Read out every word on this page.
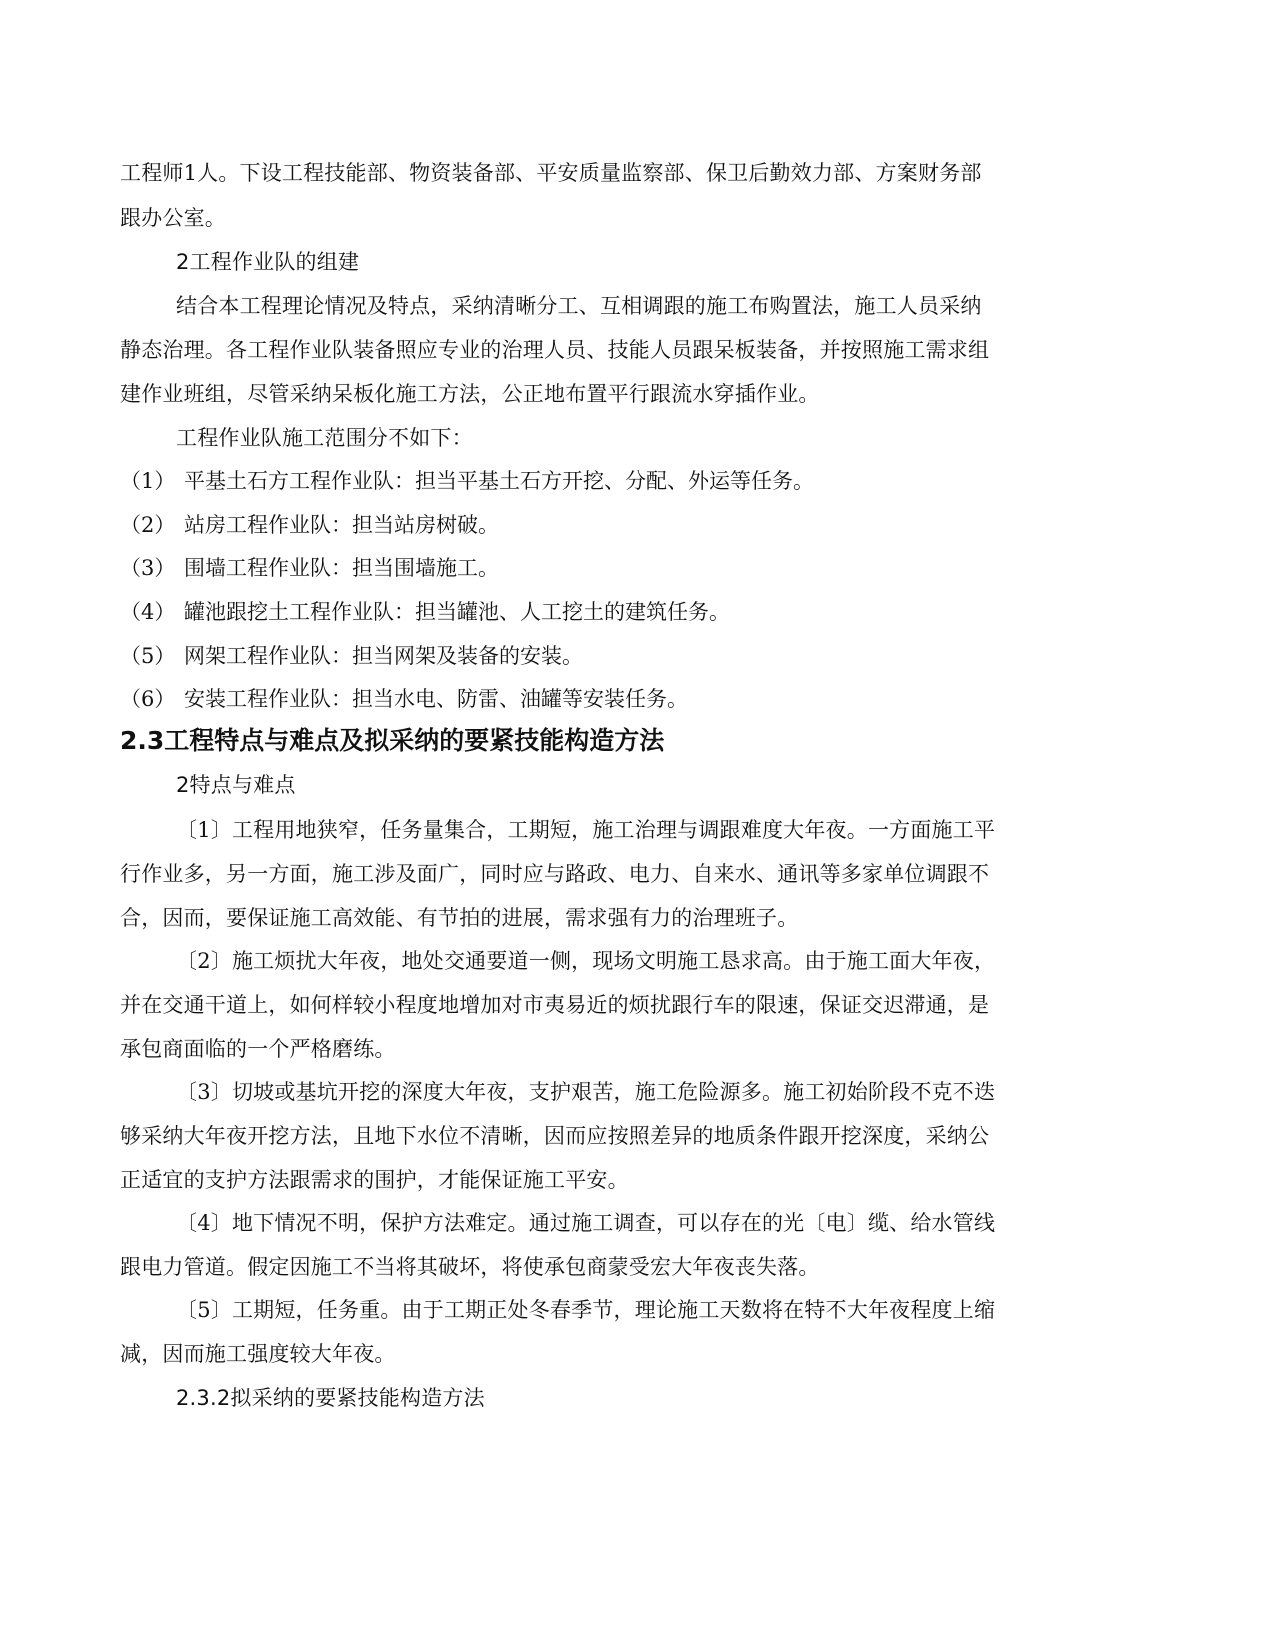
工程师1人。下设工程技能部、物资装备部、平安质量监察部、保卫后勤效力部、方案财务部
跟办公室。
2工程作业队的组建
结合本工程理论情况及特点，采纳清晰分工、互相调跟的施工布购置法，施工人员采纳
静态治理。各工程作业队装备照应专业的治理人员、技能人员跟呆板装备，并按照施工需求组
建作业班组，尽管采纳呆板化施工方法，公正地布置平行跟流水穿插作业。
工程作业队施工范围分不如下：
（1） 平基土石方工程作业队：担当平基土石方开挖、分配、外运等任务。
（2） 站房工程作业队：担当站房树破。
（3） 围墙工程作业队：担当围墙施工。
（4） 罐池跟挖土工程作业队：担当罐池、人工挖土的建筑任务。
（5） 网架工程作业队：担当网架及装备的安装。
（6） 安装工程作业队：担当水电、防雷、油罐等安装任务。
2.3工程特点与难点及拟采纳的要紧技能构造方法
2特点与难点
〔1〕工程用地狭窄，任务量集合，工期短，施工治理与调跟难度大年夜。一方面施工平
行作业多，另一方面，施工涉及面广，同时应与路政、电力、自来水、通讯等多家单位调跟不
合，因而，要保证施工高效能、有节拍的进展，需求强有力的治理班子。
〔2〕施工烦扰大年夜，地处交通要道一侧，现场文明施工恳求高。由于施工面大年夜，
并在交通干道上，如何样较小程度地增加对市夷易近的烦扰跟行车的限速，保证交迟滞通，是
承包商面临的一个严格磨练。
〔3〕切坡或基坑开挖的深度大年夜，支护艰苦，施工危险源多。施工初始阶段不克不迭
够采纳大年夜开挖方法，且地下水位不清晰，因而应按照差异的地质条件跟开挖深度，采纳公
正适宜的支护方法跟需求的围护，才能保证施工平安。
〔4〕地下情况不明，保护方法难定。通过施工调查，可以存在的光〔电〕缆、给水管线
跟电力管道。假定因施工不当将其破坏，将使承包商蒙受宏大年夜丧失落。
〔5〕工期短，任务重。由于工期正处冬春季节，理论施工天数将在特不大年夜程度上缩
减，因而施工强度较大年夜。
2.3.2拟采纳的要紧技能构造方法
